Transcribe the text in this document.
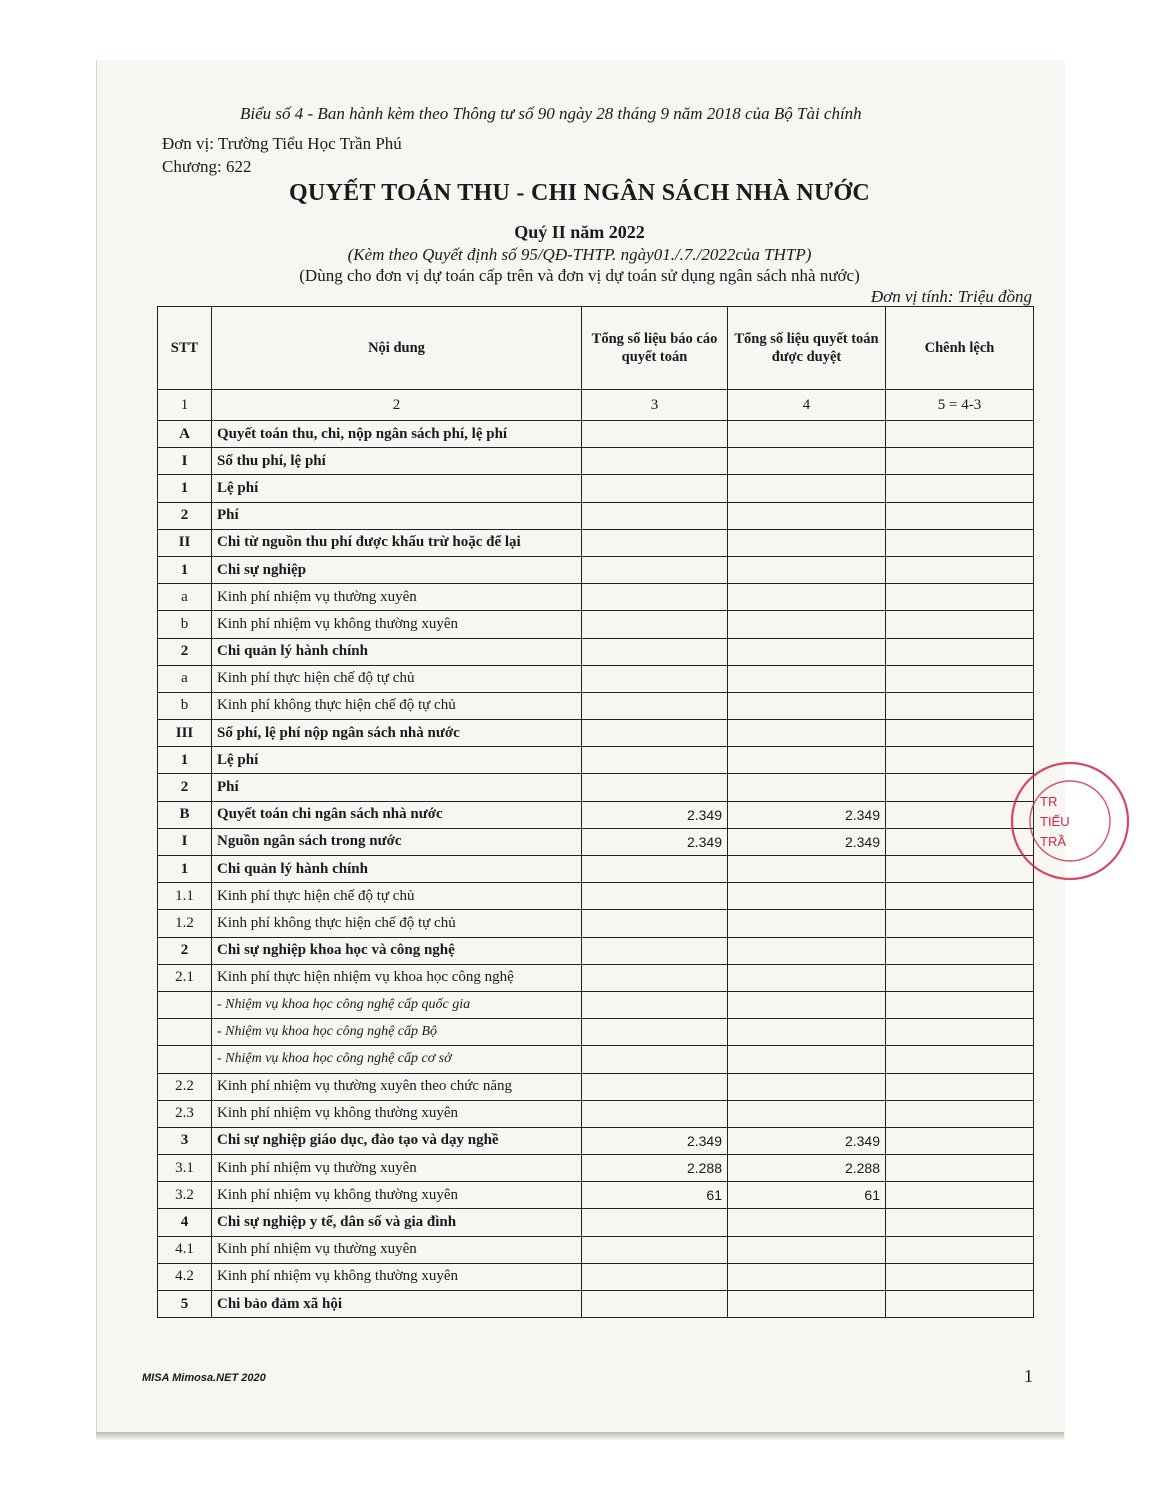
Biểu số 4 - Ban hành kèm theo Thông tư số 90 ngày 28 tháng 9 năm 2018 của Bộ Tài chính
Đơn vị: Trường Tiểu Học Trần Phú
Chương: 622
QUYẾT TOÁN THU - CHI NGÂN SÁCH NHÀ NƯỚC
Quý II năm 2022
(Kèm theo Quyết định số 95/QĐ-THTP. ngày01./.7./2022của THTP)
(Dùng cho đơn vị dự toán cấp trên và đơn vị dự toán sử dụng ngân sách nhà nước)
Đơn vị tính: Triệu đồng
STT	Nội dung	Tổng số liệu báo cáo quyết toán	Tổng số liệu quyết toán được duyệt	Chênh lệch
1	2	3	4	5 = 4-3
A	Quyết toán thu, chi, nộp ngân sách phí, lệ phí			
I	Số thu phí, lệ phí			
1	Lệ phí			
2	Phí			
II	Chi từ nguồn thu phí được khấu trừ hoặc để lại			
1	Chi sự nghiệp			
a	Kinh phí nhiệm vụ thường xuyên			
b	Kinh phí nhiệm vụ không thường xuyên			
2	Chi quản lý hành chính			
a	Kinh phí thực hiện chế độ tự chủ			
b	Kinh phí không thực hiện chế độ tự chủ			
III	Số phí, lệ phí nộp ngân sách nhà nước			
1	Lệ phí			
2	Phí			
B	Quyết toán chi ngân sách nhà nước	2.349	2.349	
I	Nguồn ngân sách trong nước	2.349	2.349	
1	Chi quản lý hành chính			
1.1	Kinh phí thực hiện chế độ tự chủ			
1.2	Kinh phí không thực hiện chế độ tự chủ			
2	Chi sự nghiệp khoa học và công nghệ			
2.1	Kinh phí thực hiện nhiệm vụ khoa học công nghệ			
	- Nhiệm vụ khoa học công nghệ cấp quốc gia			
	- Nhiệm vụ khoa học công nghệ cấp Bộ			
	- Nhiệm vụ khoa học công nghệ cấp cơ sở			
2.2	Kinh phí nhiệm vụ thường xuyên theo chức năng			
2.3	Kinh phí nhiệm vụ không thường xuyên			
3	Chi sự nghiệp giáo dục, đào tạo và dạy nghề	2.349	2.349	
3.1	Kinh phí nhiệm vụ thường xuyên	2.288	2.288	
3.2	Kinh phí nhiệm vụ không thường xuyên	61	61	
4	Chi sự nghiệp y tế, dân số và gia đình			
4.1	Kinh phí nhiệm vụ thường xuyên			
4.2	Kinh phí nhiệm vụ không thường xuyên			
5	Chi bảo đảm xã hội			
TR
TIẾU
TRẦ
MISA Mimosa.NET 2020	1
